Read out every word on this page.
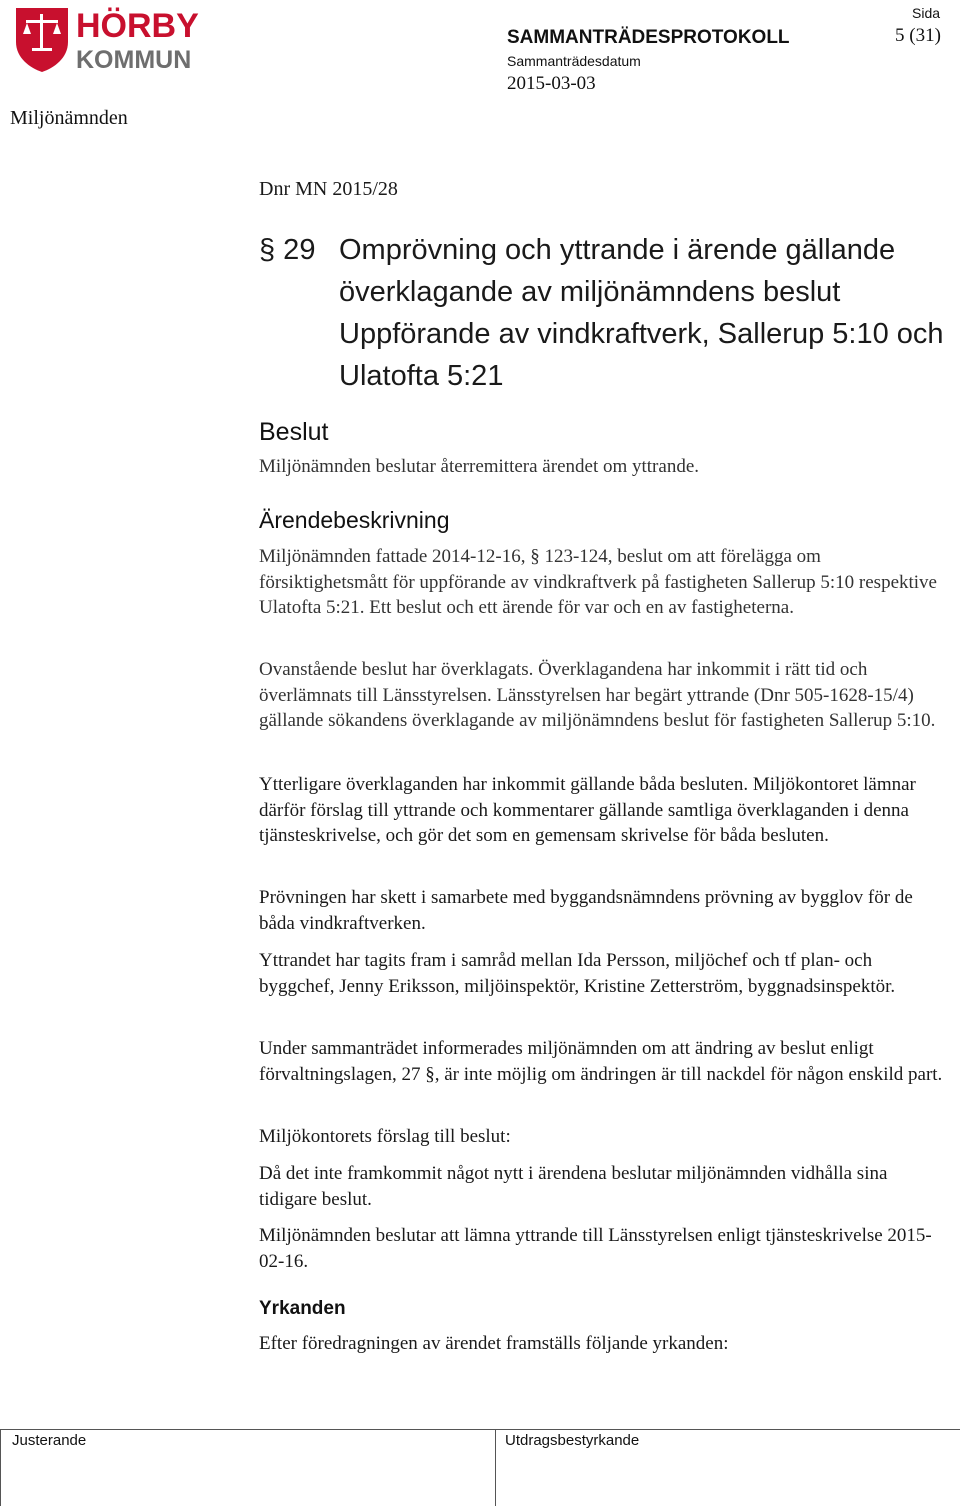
HÖRBY
KOMMUN
SAMMANTRÄDESPROTOKOLL
Sammanträdesdatum
2015-03-03
Sida
5 (31)
Miljönämnden
Dnr MN 2015/28
§ 29 Omprövning och yttrande i ärende gällande överklagande av miljönämndens beslut Uppförande av vindkraftverk, Sallerup 5:10 och Ulatofta 5:21
Beslut
Miljönämnden beslutar återremittera ärendet om yttrande.
Ärendebeskrivning
Miljönämnden fattade 2014-12-16, § 123-124, beslut om att förelägga om försiktighetsmått för uppförande av vindkraftverk på fastigheten Sallerup 5:10 respektive Ulatofta 5:21. Ett beslut och ett ärende för var och en av fastigheterna.
Ovanstående beslut har överklagats. Överklagandena har inkommit i rätt tid och överlämnats till Länsstyrelsen. Länsstyrelsen har begärt yttrande (Dnr 505-1628-15/4) gällande sökandens överklagande av miljönämndens beslut för fastigheten Sallerup 5:10.
Ytterligare överklaganden har inkommit gällande båda besluten. Miljökontoret lämnar därför förslag till yttrande och kommentarer gällande samtliga överklaganden i denna tjänsteskrivelse, och gör det som en gemensam skrivelse för båda besluten.
Prövningen har skett i samarbete med byggandsnämndens prövning av bygglov för de båda vindkraftverken.
Yttrandet har tagits fram i samråd mellan Ida Persson, miljöchef och tf plan- och byggchef, Jenny Eriksson, miljöinspektör, Kristine Zetterström, byggnadsinspektör.
Under sammanträdet informerades miljönämnden om att ändring av beslut enligt förvaltningslagen, 27 §, är inte möjlig om ändringen är till nackdel för någon enskild part.
Miljökontorets förslag till beslut:
Då det inte framkommit något nytt i ärendena beslutar miljönämnden vidhålla sina tidigare beslut.
Miljönämnden beslutar att lämna yttrande till Länsstyrelsen enligt tjänsteskrivelse 2015-02-16.
Yrkanden
Efter föredragningen av ärendet framställs följande yrkanden:
Justerande	Utdragsbestyrkande
